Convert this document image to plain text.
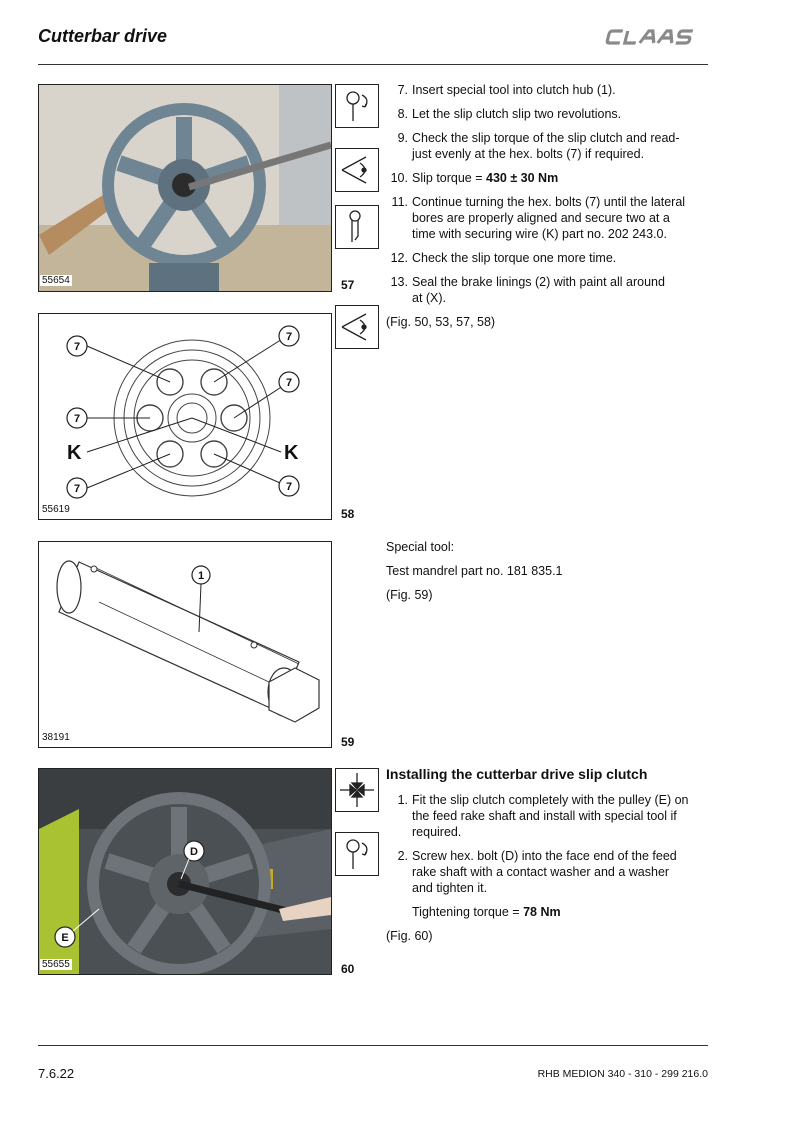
Cutterbar drive
55654	57
7
7
7
7
7	7
K	K
55619	58
1
38191	59
D
E
55655	60
7. Insert special tool into clutch hub (1).
8. Let the slip clutch slip two revolutions.
9. Check the slip torque of the slip clutch and read-
just evenly at the hex. bolts (7) if required.
10. Slip torque = 430 ± 30 Nm
11. Continue turning the hex. bolts (7) until the lateral
bores are properly aligned and secure two at a
time with securing wire (K) part no. 202 243.0.
12. Check the slip torque one more time.
13. Seal the brake linings (2) with paint all around
at (X).
(Fig. 50, 53, 57, 58)
Special tool:
Test mandrel part no. 181 835.1
(Fig. 59)
Installing the cutterbar drive slip clutch
1. Fit the slip clutch completely with the pulley (E) on
the feed rake shaft and install with special tool if
required.
2. Screw hex. bolt (D) into the face end of the feed
rake shaft with a contact washer and a washer
and tighten it.
Tightening torque = 78 Nm
(Fig. 60)
7.6.22	RHB MEDION 340 - 310 - 299 216.0
